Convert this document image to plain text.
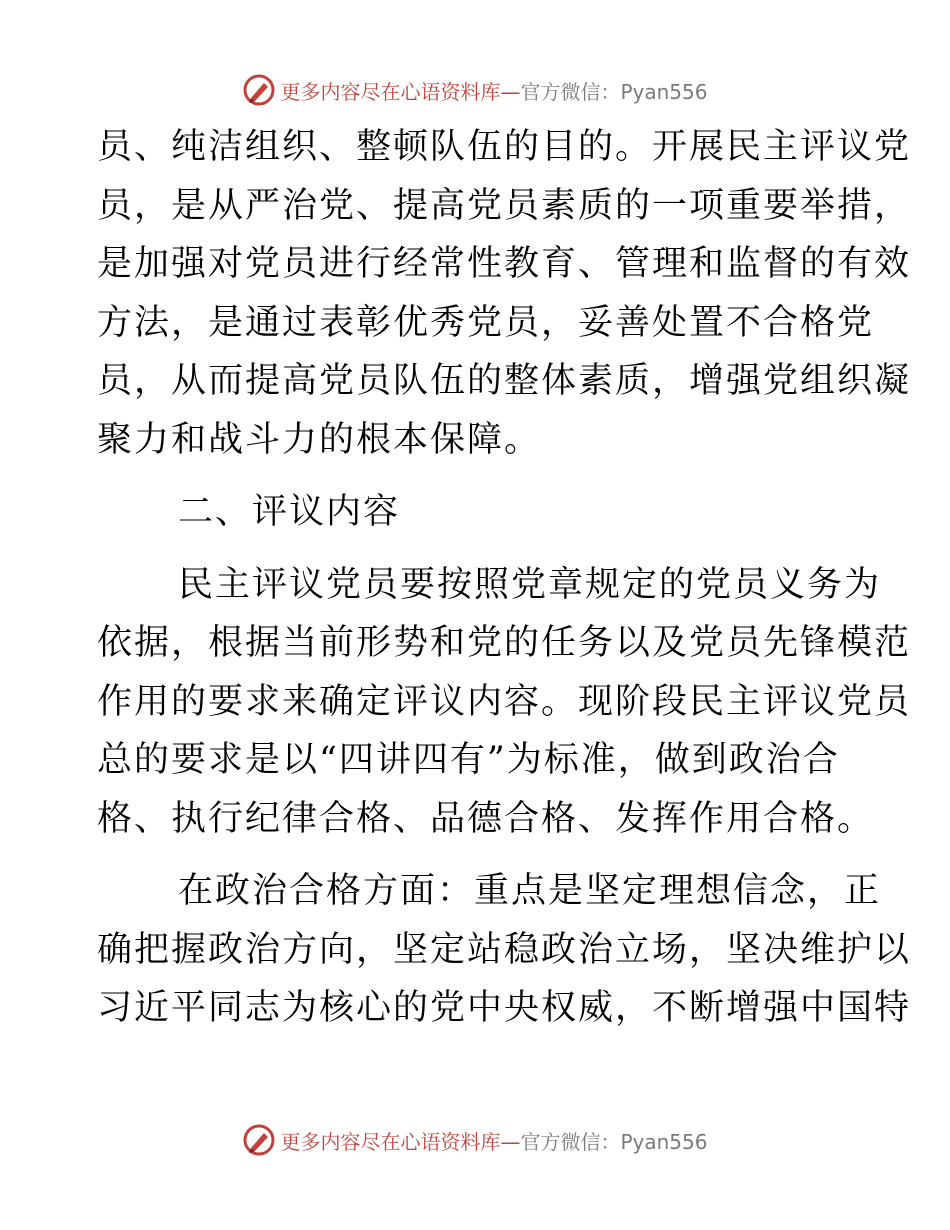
更多内容尽在心语资料库—官方微信：Pyan556
员、纯洁组织、整顿队伍的目的。开展民主评议党
员，是从严治党、提高党员素质的一项重要举措，
是加强对党员进行经常性教育、管理和监督的有效
方法，是通过表彰优秀党员，妥善处置不合格党
员，从而提高党员队伍的整体素质，增强党组织凝
聚力和战斗力的根本保障。
二、评议内容
民主评议党员要按照党章规定的党员义务为
依据，根据当前形势和党的任务以及党员先锋模范
作用的要求来确定评议内容。现阶段民主评议党员
总的要求是以“四讲四有”为标准，做到政治合
格、执行纪律合格、品德合格、发挥作用合格。
在政治合格方面：重点是坚定理想信念，正
确把握政治方向，坚定站稳政治立场，坚决维护以
习近平同志为核心的党中央权威，不断增强中国特
更多内容尽在心语资料库—官方微信：Pyan556
